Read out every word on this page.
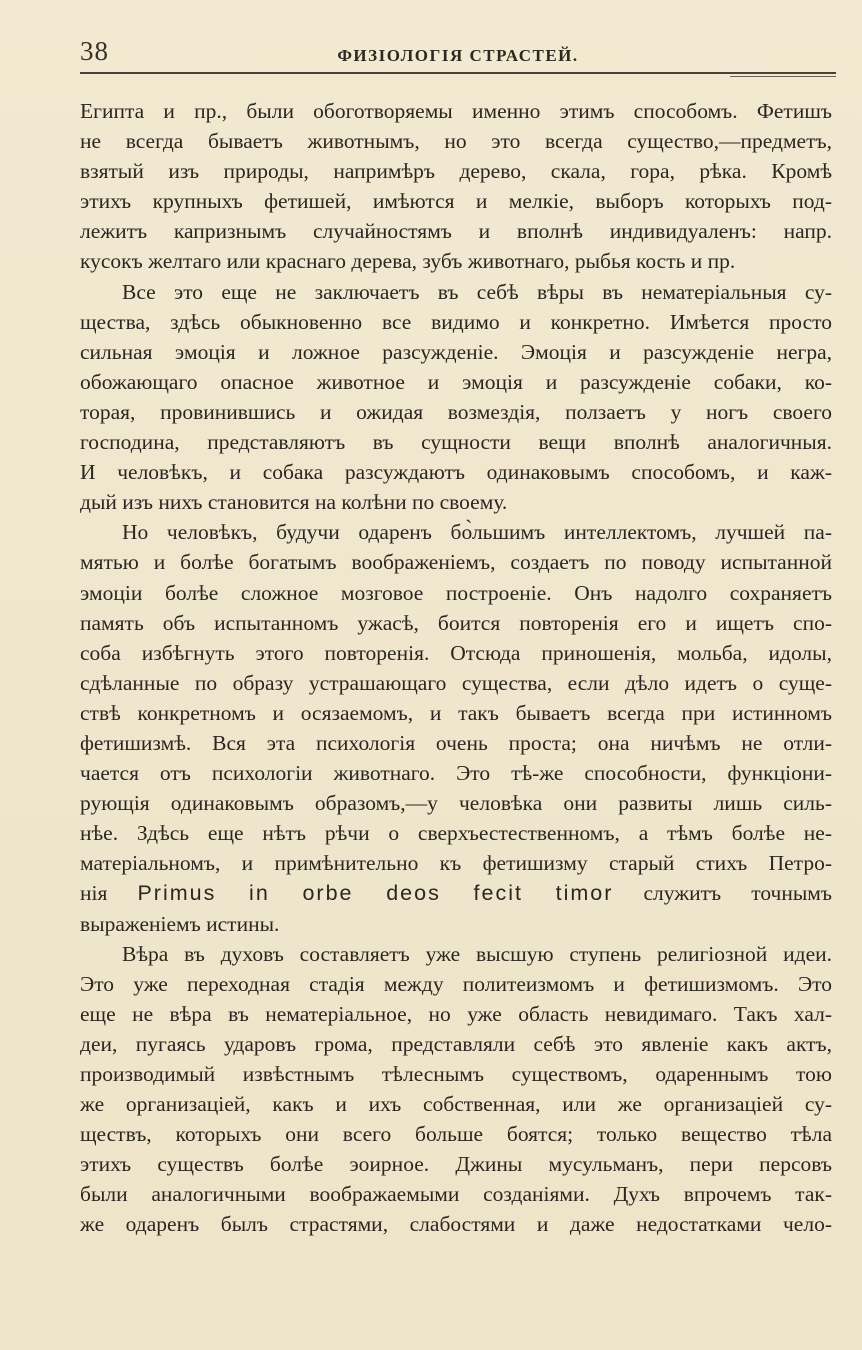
38	ФИЗІОЛОГІЯ СТРАСТЕЙ.
Египта и пр., были обоготворяемы именно этимъ способомъ. Фетишъ
не всегда бываетъ животнымъ, но это всегда существо,—предметъ,
взятый изъ природы, напримѣръ дерево, скала, гора, рѣка. Кромѣ
этихъ крупныхъ фетишей, имѣются и мелкіе, выборъ которыхъ под-
лежитъ капризнымъ случайностямъ и вполнѣ индивидуаленъ: напр.
кусокъ желтаго или краснаго дерева, зубъ животнаго, рыбья кость и пр.
Все это еще не заключаетъ въ себѣ вѣры въ нематеріальныя су-
щества, здѣсь обыкновенно все видимо и конкретно. Имѣется просто
сильная эмоція и ложное разсужденіе. Эмоція и разсужденіе негра,
обожающаго опасное животное и эмоція и разсужденіе собаки, ко-
торая, провинившись и ожидая возмездія, ползаетъ у ногъ своего
господина, представляютъ въ сущности вещи вполнѣ аналогичныя.
И человѣкъ, и собака разсуждаютъ одинаковымъ способомъ, и каж-
дый изъ нихъ становится на колѣни по своему.
Но человѣкъ, будучи одаренъ бо̀льшимъ интеллектомъ, лучшей па-
мятью и болѣе богатымъ воображеніемъ, создаетъ по поводу испытанной
эмоціи болѣе сложное мозговое построеніе. Онъ надолго сохраняетъ
память объ испытанномъ ужасѣ, боится повторенія его и ищетъ спо-
соба избѣгнуть этого повторенія. Отсюда приношенія, мольба, идолы,
сдѣланные по образу устрашающаго существа, если дѣло идетъ о суще-
ствѣ конкретномъ и осязаемомъ, и такъ бываетъ всегда при истинномъ
фетишизмѣ. Вся эта психологія очень проста; она ничѣмъ не отли-
чается отъ психологіи животнаго. Это тѣ-же способности, функціони-
рующія одинаковымъ образомъ,—у человѣка они развиты лишь силь-
нѣе. Здѣсь еще нѣтъ рѣчи о сверхъестественномъ, а тѣмъ болѣе не-
матеріальномъ, и примѣнительно къ фетишизму старый стихъ Петро-
нія Primus in orbe deos fecit timor служитъ точнымъ
выраженіемъ истины.
Вѣра въ духовъ составляетъ уже высшую ступень религіозной идеи.
Это уже переходная стадія между политеизмомъ и фетишизмомъ. Это
еще не вѣра въ нематеріальное, но уже область невидимаго. Такъ хал-
деи, пугаясь ударовъ грома, представляли себѣ это явленіе какъ актъ,
производимый извѣстнымъ тѣлеснымъ существомъ, одареннымъ тою
же организаціей, какъ и ихъ собственная, или же организаціей су-
ществъ, которыхъ они всего больше боятся; только вещество тѣла
этихъ существъ болѣе эоирное. Джины мусульманъ, пери персовъ
были аналогичными воображаемыми созданіями. Духъ впрочемъ так-
же одаренъ былъ страстями, слабостями и даже недостатками чело-
